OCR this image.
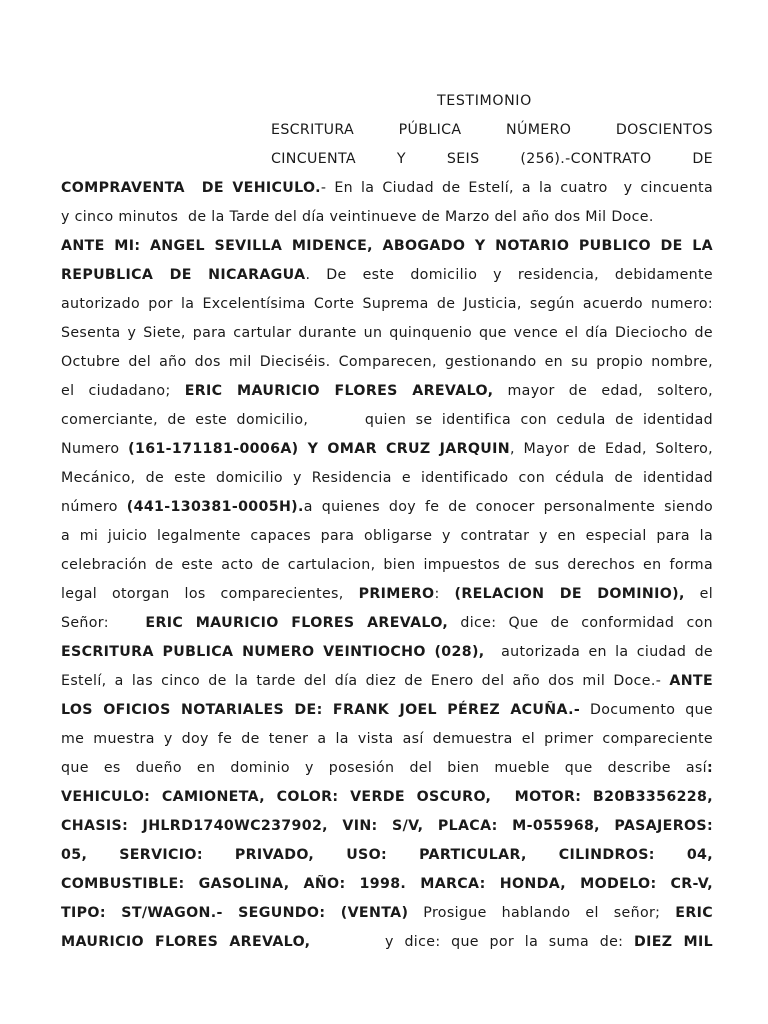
TESTIMONIO
ESCRITURA	PÚBLICA	NÚMERO	DOSCIENTOS
CINCUENTA	Y	SEIS	(256).-CONTRATO	DE
COMPRAVENTA  DE VEHICULO.- En la Ciudad de Estelí, a la cuatro  y cincuenta
y cinco minutos  de la Tarde del día veintinueve de Marzo del año dos Mil Doce.
ANTE MI: ANGEL SEVILLA MIDENCE, ABOGADO Y NOTARIO PUBLICO DE LA
REPUBLICA DE NICARAGUA. De este domicilio y residencia, debidamente
autorizado por la Excelentísima Corte Suprema de Justicia, según acuerdo numero:
Sesenta y Siete, para cartular durante un quinquenio que vence el día Dieciocho de
Octubre del año dos mil Dieciséis. Comparecen, gestionando en su propio nombre,
el ciudadano; ERIC MAURICIO FLORES AREVALO, mayor de edad, soltero,
comerciante, de este domicilio,      quien se identifica con cedula de identidad
Numero (161-171181-0006A) Y OMAR CRUZ JARQUIN, Mayor de Edad, Soltero,
Mecánico, de este domicilio y Residencia e identificado con cédula de identidad
número (441-130381-0005H).a quienes doy fe de conocer personalmente siendo
a mi juicio legalmente capaces para obligarse y contratar y en especial para la
celebración de este acto de cartulacion, bien impuestos de sus derechos en forma
legal otorgan los comparecientes, PRIMERO: (RELACION DE DOMINIO), el
Señor:   ERIC MAURICIO FLORES AREVALO, dice: Que de conformidad con
ESCRITURA PUBLICA NUMERO VEINTIOCHO (028),  autorizada en la ciudad de
Estelí, a las cinco de la tarde del día diez de Enero del año dos mil Doce.- ANTE
LOS OFICIOS NOTARIALES DE: FRANK JOEL PÉREZ ACUÑA.- Documento que
me muestra y doy fe de tener a la vista así demuestra el primer compareciente
que es dueño en dominio y posesión del bien mueble que describe así:
VEHICULO: CAMIONETA, COLOR: VERDE OSCURO,  MOTOR: B20B3356228,
CHASIS: JHLRD1740WC237902, VIN: S/V, PLACA: M-055968, PASAJEROS:
05, SERVICIO: PRIVADO, USO: PARTICULAR, CILINDROS: 04,
COMBUSTIBLE: GASOLINA, AÑO: 1998. MARCA: HONDA, MODELO: CR-V,
TIPO: ST/WAGON.- SEGUNDO: (VENTA) Prosigue hablando el señor; ERIC
MAURICIO FLORES AREVALO,       y dice: que por la suma de: DIEZ MIL
